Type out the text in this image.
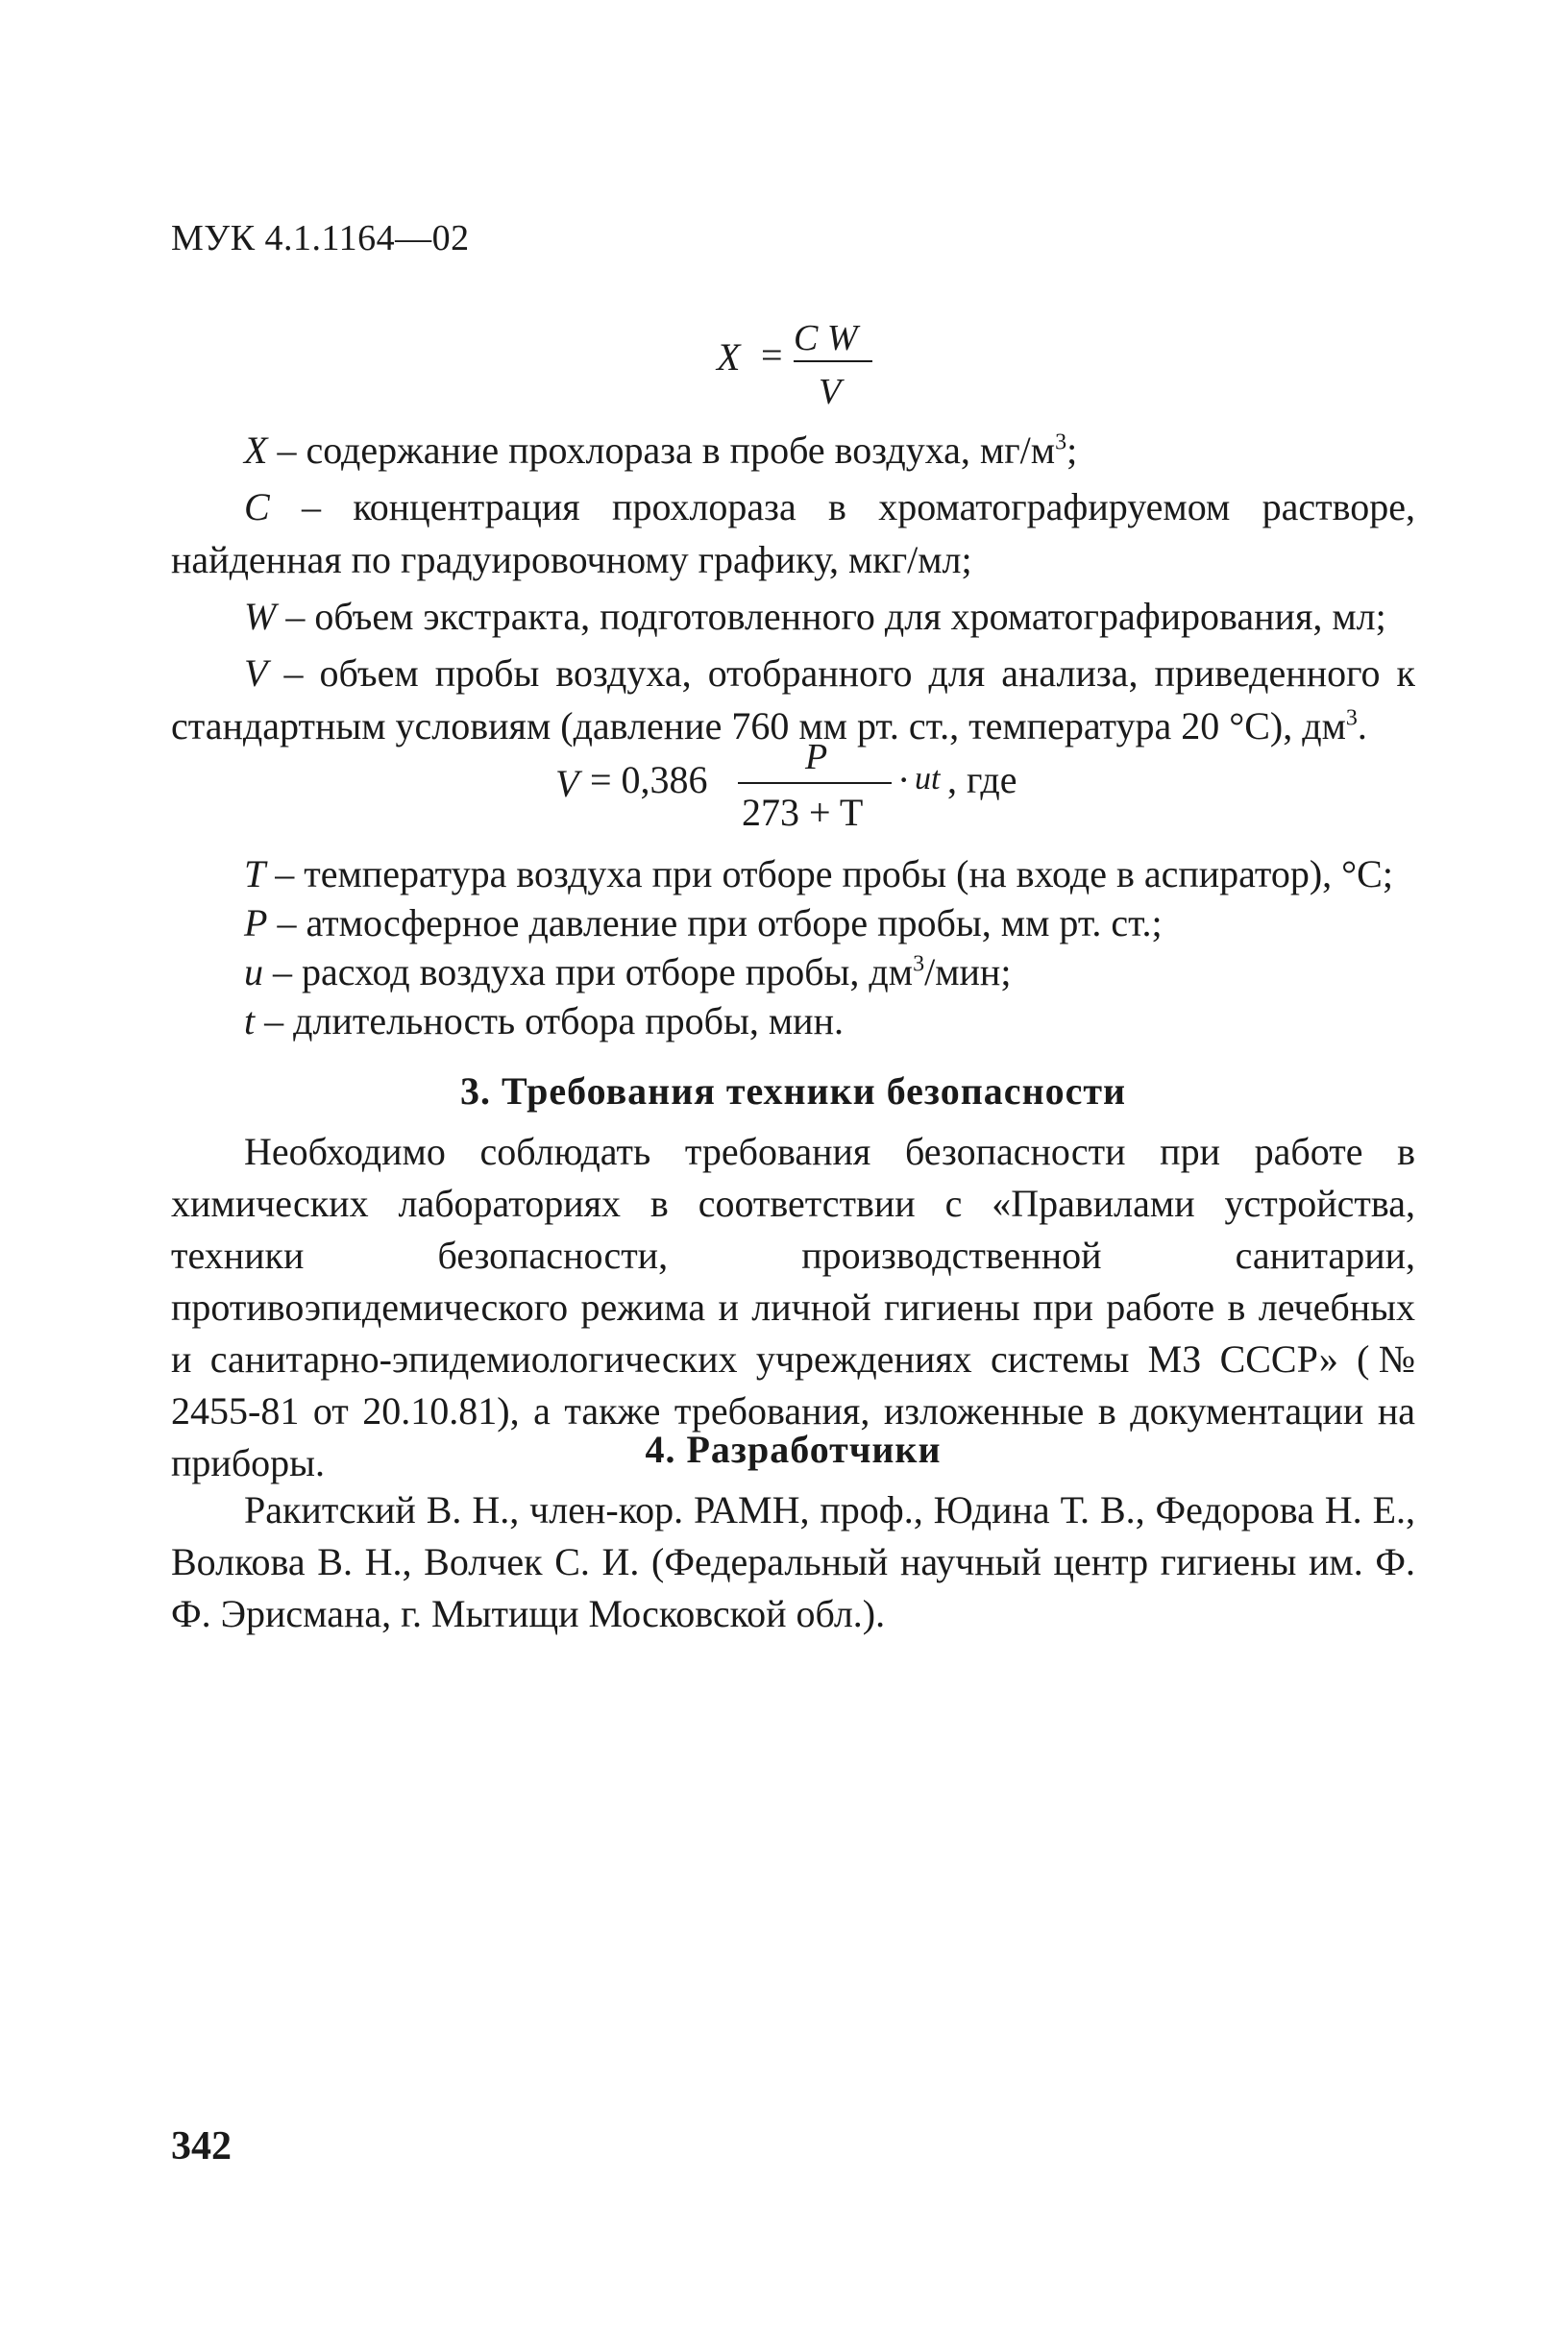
МУК 4.1.1164—02
X = C W
V

X – содержание прохлораза в пробе воздуха, $мг/м^3$;

C – концентрация прохлораза в хроматографируемом растворе, найденная по градуировочному графику, мкг/мл;

W – объем экстракта, подготовленного для хроматографирования, мл;

V – объем пробы воздуха, отобранного для анализа, приведенного к стандартным условиям (давление 760 мм рт. ст., температура 20 °С), $дм^3$.

V = 0,386
P
273 + T
· ut , где

T – температура воздуха при отборе пробы (на входе в аспиратор), °С;

P – атмосферное давление при отборе пробы, мм рт. ст.;

u – расход воздуха при отборе пробы, $дм^3$/мин;

t – длительность отбора пробы, мин.

3. Требования техники безопасности

Необходимо соблюдать требования безопасности при работе в химических лабораториях в соответствии с «Правилами устройства, техники безопасности, производственной санитарии, противоэпидемического режима и личной гигиены при работе в лечебных и санитарно-эпидемиологических учреждениях системы МЗ СССР» (№ 2455-81 от 20.10.81), а также требования, изложенные в документации на приборы.	4. Разработчики

Ракитский В. Н., член-кор. РАМН, проф., Юдина Т. В., Федорова Н. Е., Волкова В. Н., Волчек С. И. (Федеральный научный центр гигиены им. Ф. Ф. Эрисмана, г. Мытищи Московской обл.).

342
